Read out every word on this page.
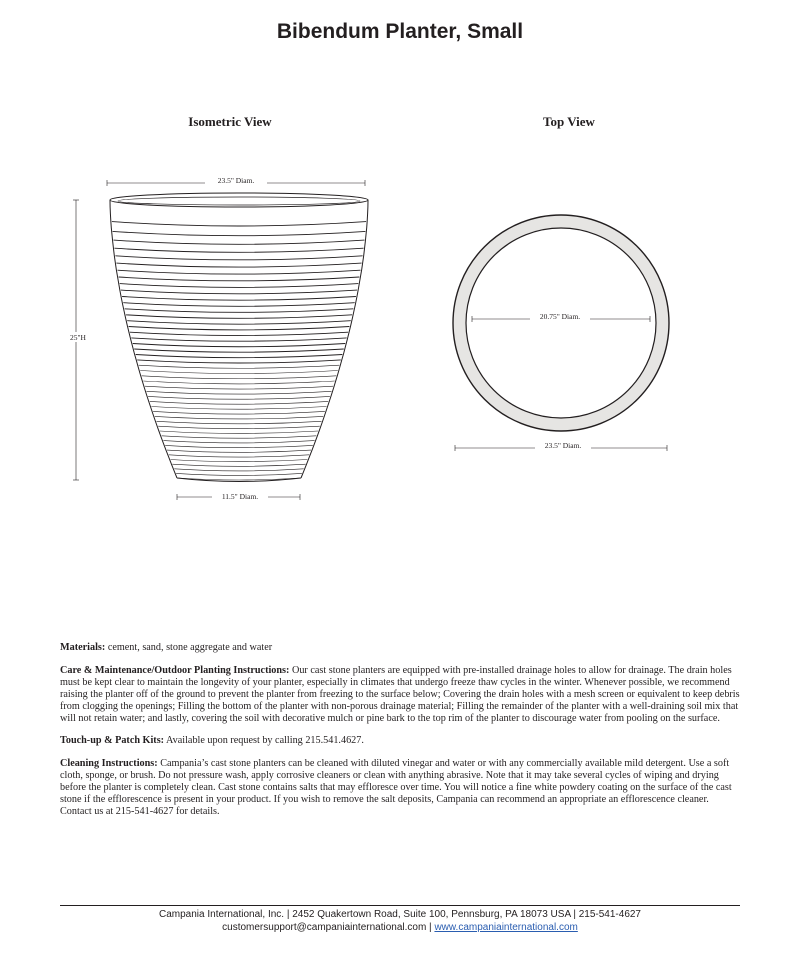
Bibendum Planter, Small
Isometric View	Top View
23.5" Diam.
25"H
11.5" Diam.
20.75" Diam.
23.5" Diam.

Materials: cement, sand, stone aggregate and water

Care & Maintenance/Outdoor Planting Instructions: Our cast stone planters are equipped with pre-installed drainage holes to allow for drainage. The drain holes must be kept clear to maintain the longevity of your planter, especially in climates that undergo freeze thaw cycles in the winter. Whenever possible, we recommend raising the planter off of the ground to prevent the planter from freezing to the surface below; Covering the drain holes with a mesh screen or equivalent to keep debris from clogging the openings; Filling the bottom of the planter with non-porous drainage material; Filling the remainder of the planter with a well-draining soil mix that will not retain water; and lastly, covering the soil with decorative mulch or pine bark to the top rim of the planter to discourage water from pooling on the surface.

Touch-up & Patch Kits: Available upon request by calling 215.541.4627.

Cleaning Instructions: Campania’s cast stone planters can be cleaned with diluted vinegar and water or with any commercially available mild detergent. Use a soft cloth, sponge, or brush. Do not pressure wash, apply corrosive cleaners or clean with anything abrasive. Note that it may take several cycles of wiping and drying before the planter is completely clean. Cast stone contains salts that may effloresce over time. You will notice a fine white powdery coating on the surface of the cast stone if the efflorescence is present in your product. If you wish to remove the salt deposits, Campania can recommend an appropriate an efflorescence cleaner. Contact us at 215-541-4627 for details.

Campania International, Inc. | 2452 Quakertown Road, Suite 100, Pennsburg, PA 18073 USA | 215-541-4627
customersupport@campaniainternational.com | www.campaniainternational.com
